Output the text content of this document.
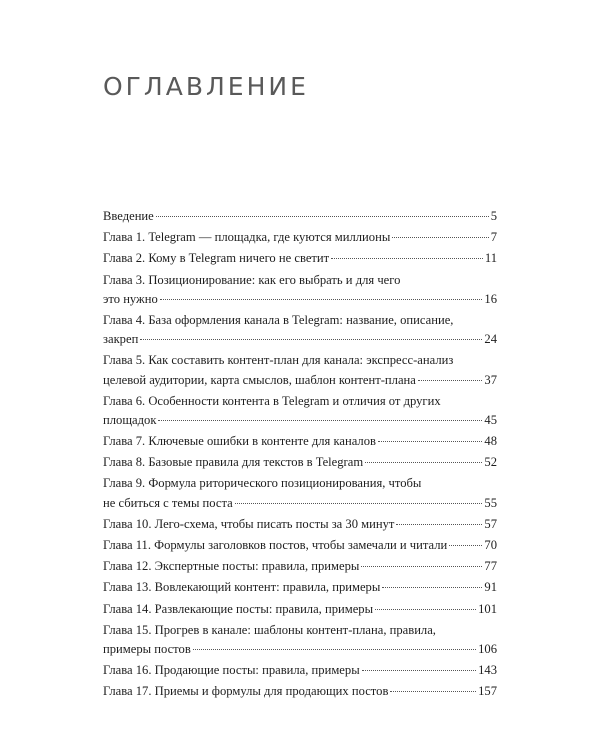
ОГЛАВЛЕНИЕ
Введение	5
Глава 1. Telegram — площадка, где куются миллионы	7
Глава 2. Кому в Telegram ничего не светит	11
Глава 3. Позиционирование: как его выбрать и для чего
это нужно	16
Глава 4. База оформления канала в Telegram: название, описание,
закреп	24
Глава 5. Как составить контент-план для канала: экспресс-анализ
целевой аудитории, карта смыслов, шаблон контент-плана	37
Глава 6. Особенности контента в Telegram и отличия от других
площадок	45
Глава 7. Ключевые ошибки в контенте для каналов	48
Глава 8. Базовые правила для текстов в Telegram	52
Глава 9. Формула риторического позиционирования, чтобы
не сбиться с темы поста	55
Глава 10. Лего-схема, чтобы писать посты за 30 минут	57
Глава 11. Формулы заголовков постов, чтобы замечали и читали	70
Глава 12. Экспертные посты: правила, примеры	77
Глава 13. Вовлекающий контент: правила, примеры	91
Глава 14. Развлекающие посты: правила, примеры	101
Глава 15. Прогрев в канале: шаблоны контент-плана, правила,
примеры постов	106
Глава 16. Продающие посты: правила, примеры	143
Глава 17. Приемы и формулы для продающих постов	157
